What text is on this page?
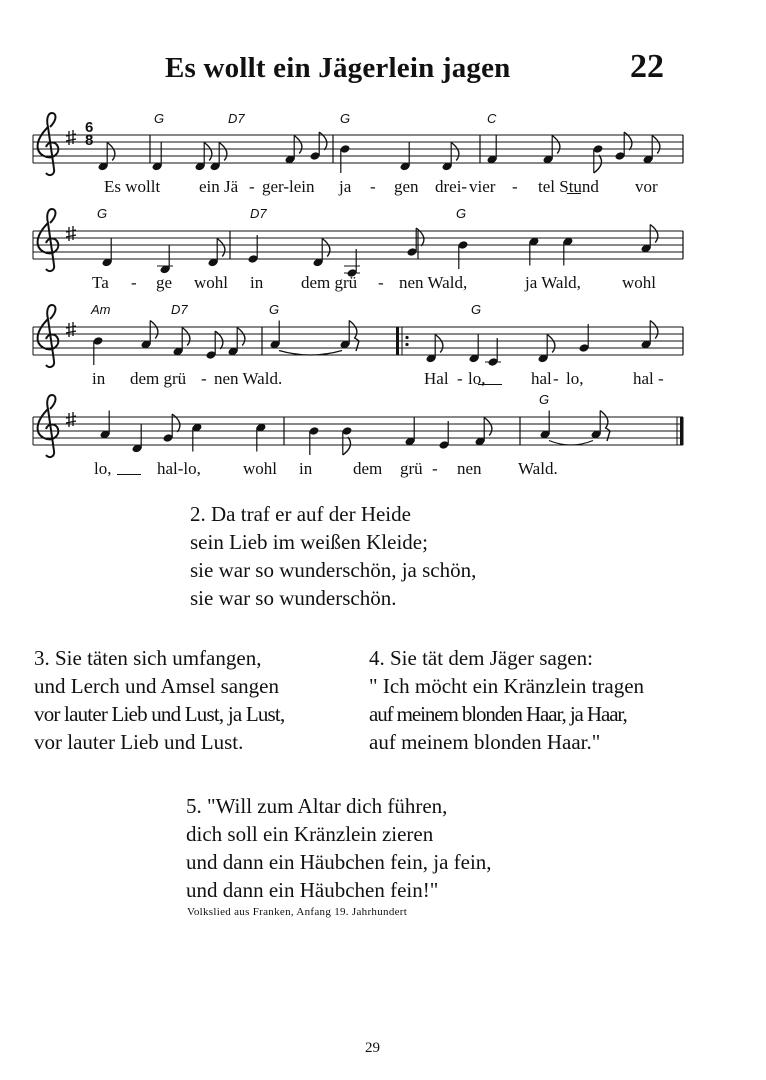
Es wollt ein Jägerlein jagen	22
6
8
G	D7	G	C
G	D7	G
Am	D7	G	G
G
Es wollt ein Jä - ger-lein ja - gen drei- vier - tel Stund vor
Ta - ge wohl in dem grü - nen Wald,	ja Wald, wohl
in dem grü - nen Wald.	Hal - lo,	hal - lo,	hal -
lo,	hal-lo, wohl in dem grü - nen Wald.
2. Da traf er auf der Heide
sein Lieb im weißen Kleide;
sie war so wunderschön, ja schön,
sie war so wunderschön.
3. Sie täten sich umfangen,
und Lerch und Amsel sangen
vor lauter Lieb und Lust, ja Lust,
vor lauter Lieb und Lust.
4. Sie tät dem Jäger sagen:
" Ich möcht ein Kränzlein tragen
auf meinem blonden Haar, ja Haar,
auf meinem blonden Haar."
5. "Will zum Altar dich führen,
dich soll ein Kränzlein zieren
und dann ein Häubchen fein, ja fein,
und dann ein Häubchen fein!"
Volkslied aus Franken, Anfang 19. Jahrhundert
29
